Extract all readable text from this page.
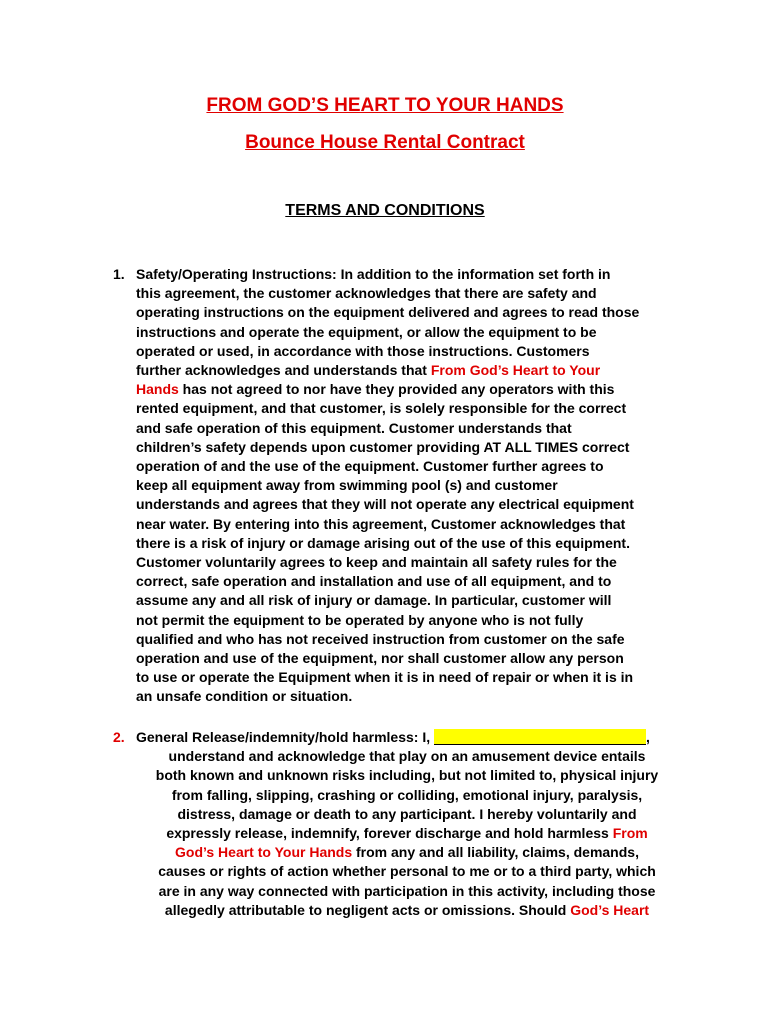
FROM GOD’S HEART TO YOUR HANDS
Bounce House Rental Contract
TERMS AND CONDITIONS
1. Safety/Operating Instructions: In addition to the information set forth in
this agreement, the customer acknowledges that there are safety and
operating instructions on the equipment delivered and agrees to read those
instructions and operate the equipment, or allow the equipment to be
operated or used, in accordance with those instructions. Customers
further acknowledges and understands that From God’s Heart to Your
Hands has not agreed to nor have they provided any operators with this
rented equipment, and that customer, is solely responsible for the correct
and safe operation of this equipment. Customer understands that
children’s safety depends upon customer providing AT ALL TIMES correct
operation of and the use of the equipment. Customer further agrees to
keep all equipment away from swimming pool (s) and customer
understands and agrees that they will not operate any electrical equipment
near water. By entering into this agreement, Customer acknowledges that
there is a risk of injury or damage arising out of the use of this equipment.
Customer voluntarily agrees to keep and maintain all safety rules for the
correct, safe operation and installation and use of all equipment, and to
assume any and all risk of injury or damage. In particular, customer will
not permit the equipment to be operated by anyone who is not fully
qualified and who has not received instruction from customer on the safe
operation and use of the equipment, nor shall customer allow any person
to use or operate the Equipment when it is in need of repair or when it is in
an unsafe condition or situation.
2. General Release/indemnity/hold harmless: I,	,
understand and acknowledge that play on an amusement device entails
both known and unknown risks including, but not limited to, physical injury
from falling, slipping, crashing or colliding, emotional injury, paralysis,
distress, damage or death to any participant. I hereby voluntarily and
expressly release, indemnify, forever discharge and hold harmless From
God’s Heart to Your Hands from any and all liability, claims, demands,
causes or rights of action whether personal to me or to a third party, which
are in any way connected with participation in this activity, including those
allegedly attributable to negligent acts or omissions. Should God’s Heart
